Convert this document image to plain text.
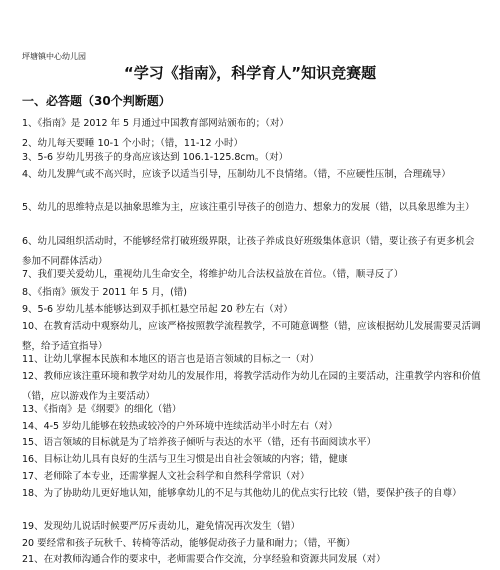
坪塘镇中心幼儿园
“学习《指南》，科学育人”知识竞赛题
一、必答题（30个判断题）
1、《指南》是 2012 年 5 月通过中国教育部网站颁布的；（对）
2、幼儿每天要睡 10-1 个小时；（错，11-12 小时）
3、5-6 岁幼儿男孩子的身高应该达到 106.1-125.8cm。（对）
4、幼儿发脾气或不高兴时，应该予以适当引导，压制幼儿不良情绪。（错，不应硬性压制，合理疏导）
5、幼儿的思维特点是以抽象思维为主，应该注重引导孩子的创造力、想象力的发展（错，以具象思维为主）
6、幼儿园组织活动时，不能够经常打破班级界限，让孩子养成良好班级集体意识（错，要让孩子有更多机会参加不同群体活动）
7、我们要关爱幼儿，重视幼儿生命安全，将维护幼儿合法权益放在首位。（错，顺寻反了）
8、《指南》颁发于 2011 年 5 月，(错)
9、5-6 岁幼儿基本能够达到双手抓杠悬空吊起 20 秒左右（对）
10、在教育活动中观察幼儿，应该严格按照教学流程教学，不可随意调整（错，应该根据幼儿发展需要灵活调整，给予适宜指导）
11、让幼儿掌握本民族和本地区的语言也是语言领域的目标之一（对）
12、教师应该注重环境和教学对幼儿的发展作用，将教学活动作为幼儿在园的主要活动，注重教学内容和价值（错，应以游戏作为主要活动）
13、《指南》是《纲要》的细化（错）
14、4-5 岁幼儿能够在较热或较冷的户外环境中连续活动半小时左右（对）
15、语言领域的目标就是为了培养孩子倾听与表达的水平（错，还有书面阅读水平）
16、目标让幼儿具有良好的生活与卫生习惯是出自社会领域的内容；错，健康
17、老师除了本专业，还需掌握人文社会科学和自然科学常识（对）
18、为了协助幼儿更好地认知，能够拿幼儿的不足与其他幼儿的优点实行比较（错，要保护孩子的自尊）
19、发现幼儿说话时候要严厉斥责幼儿，避免情况再次发生（错）
20 要经常和孩子玩秋千、转椅等活动，能够促动孩子力量和耐力；（错，平衡）
21、在对教师沟通合作的要求中，老师需要合作交流，分享经验和资源共同发展（对）
